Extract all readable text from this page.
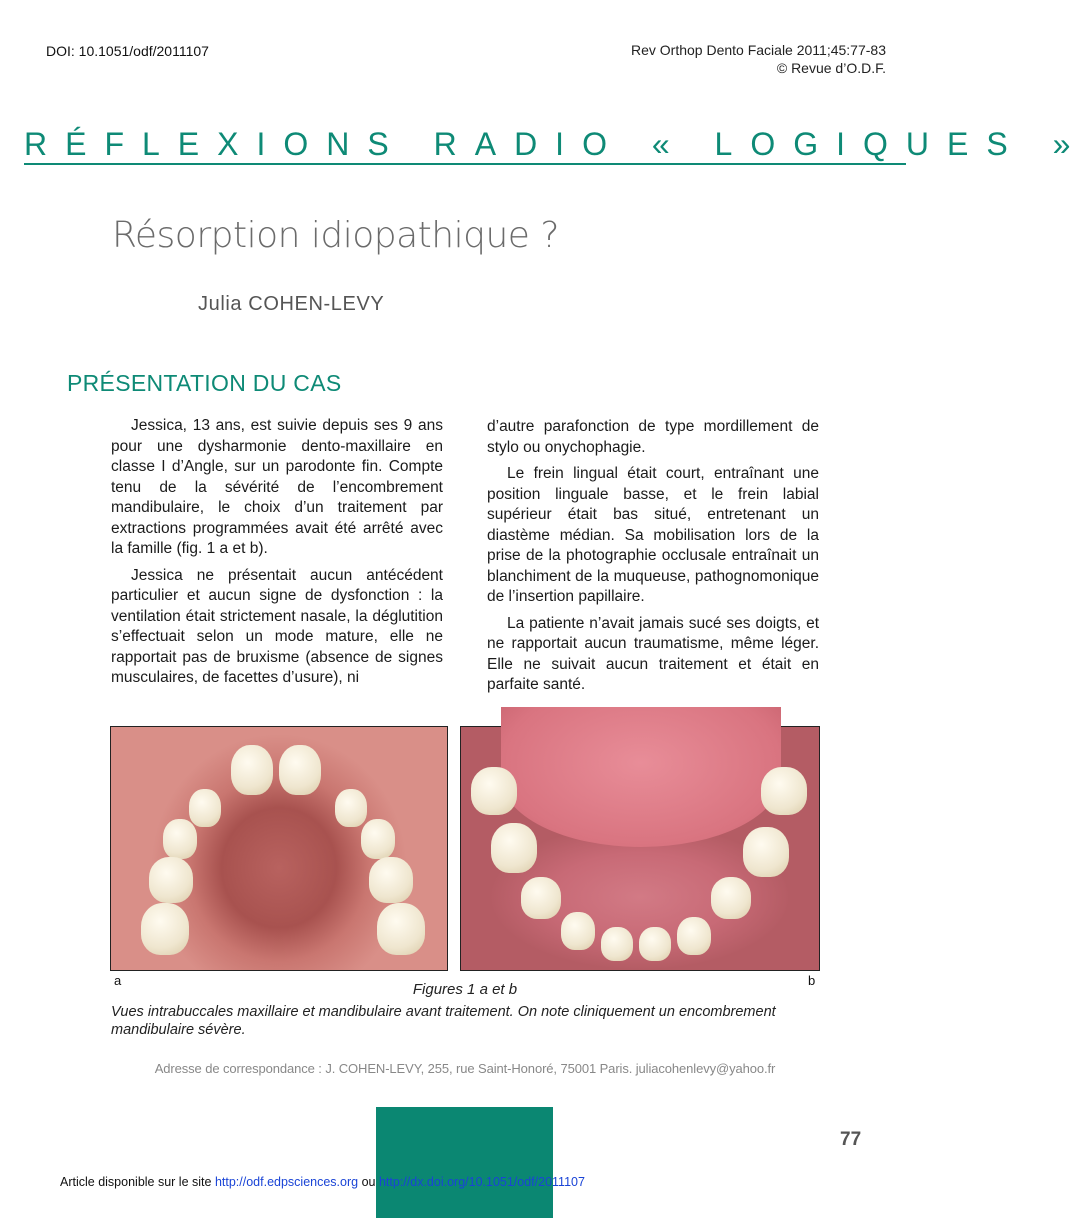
DOI: 10.1051/odf/2011107	Rev Orthop Dento Faciale 2011;45:77-83
© Revue d’O.D.F.
RÉFLEXIONS RADIO « LOGIQUES »
Résorption idiopathique ?
Julia COHEN-LEVY
PRÉSENTATION DU CAS

Jessica, 13 ans, est suivie depuis ses 9 ans pour une dysharmonie dento-maxillaire en classe I d’Angle, sur un parodonte fin. Compte tenu de la sévérité de l’encombrement mandibulaire, le choix d’un traitement par extractions programmées avait été arrêté avec la famille (fig. 1 a et b).

Jessica ne présentait aucun antécédent particulier et aucun signe de dysfonction : la ventilation était strictement nasale, la déglutition s’effectuait selon un mode mature, elle ne rapportait pas de bruxisme (absence de signes musculaires, de facettes d’usure), ni

d’autre parafonction de type mordillement de stylo ou onychophagie.

Le frein lingual était court, entraînant une position linguale basse, et le frein labial supérieur était bas situé, entretenant un diastème médian. Sa mobilisation lors de la prise de la photographie occlusale entraînait un blanchiment de la muqueuse, pathognomonique de l’insertion papillaire.

La patiente n’avait jamais sucé ses doigts, et ne rapportait aucun traumatisme, même léger. Elle ne suivait aucun traitement et était en parfaite santé.

a	b
Figures 1 a et b
Vues intrabuccales maxillaire et mandibulaire avant traitement. On note cliniquement un encombrement mandibulaire sévère.
Adresse de correspondance : J. COHEN-LEVY, 255, rue Saint-Honoré, 75001 Paris. juliacohenlevy@yahoo.fr
77
Article disponible sur le site http://odf.edpsciences.org ou http://dx.doi.org/10.1051/odf/2011107
